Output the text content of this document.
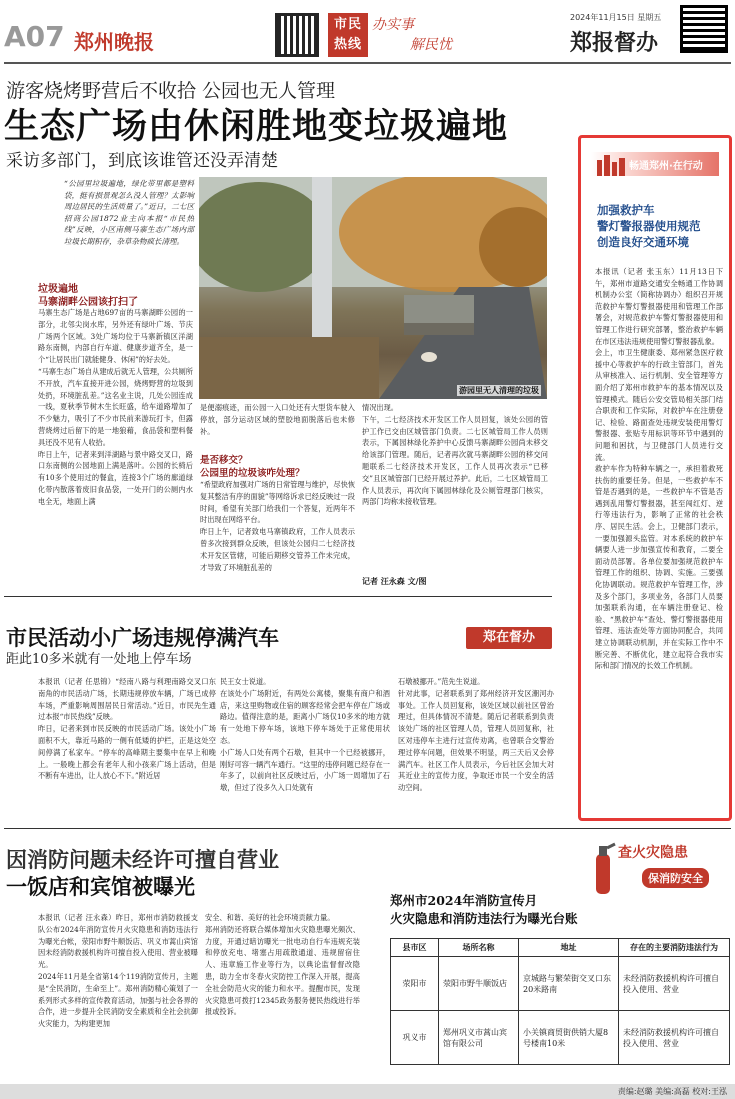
A07 郑州晚报
市民热线
办实事
解民忧
2024年11月15日 星期五
郑报督办
游客烧烤野营后不收拾 公园也无人管理
生态广场由休闲胜地变垃圾遍地
采访多部门，到底该谁管还没弄清楚
“公园里垃圾遍地，绿化带里都是塑料袋，挺有损景观怎么没人管理？太影响周边居民的生活质量了。”近日，二七区招商公园1872业主向本报“市民热线”反映，小区南侧马寨生态广场内部垃圾长期积存，杂草杂物疯长清理。
游园里无人清理的垃圾
垃圾遍地
马寨湖畔公园该打扫了
马寨生态广场是占地697亩的马寨湖畔公园的一部分，北邻尖岗水库，另外还有绿叶广场、节庆广场两个区域。3处广场均位于马寨新镇区洋湖路东南侧，内部自行车道、健康步道齐全，是一个“让居民出门就能健身、休闲”的好去处。
“马寨生态广场自从建成后就无人管理，公共厕所不开放，汽车直接开进公园，烧烤野营的垃圾到处扔，环境脏乱差。”这名业主说，几处公园连成一线，夏秋季节树木生长旺盛，给车道路增加了不少魅力，吸引了不少市民前来游玩打卡，但露营烧烤过后留下的是一地狼藉，食品袋和塑料餐具还没不见有人收拾。
昨日上午，记者来到洋湖路与景中路交叉口，路口东南侧的公园地面上满是落叶。公园的长椅后有10多个使用过的餐盒，连接3个广场的廊道绿化带内散落着废旧食品袋，一处开门的公厕内水电全无，地面上满
是便溺痕迹，而公园一入口处还有大型货车驶入停放，部分运动区域的塑胶地面脱落后也未修补。
是否移交？
公园里的垃圾该咋处理？
“希望政府加强对广场的日常管理与维护，尽快恢复其整洁有序的面貌”等网络诉求已经反映过一段时间，希望有关部门给我们一个答复，近两年不时出现在网络平台。
昨日上午，记者致电马寨镇政府，工作人员表示曾多次接到群众反映，但该处公园归二七经济技术开发区管辖，可能后期移交管养工作未完成，才导致了环境脏乱差的
情况出现。
下午，二七经济技术开发区工作人员回复，该处公园的管护工作已交由区城管部门负责。二七区城管局工作人员则表示，下属园林绿化养护中心反馈马寨湖畔公园尚未移交给该部门管理。随后，记者再次就马寨湖畔公园的移交问题联系二七经济技术开发区，工作人员再次表示“已移交”且区城管部门已经开展过养护。此后，二七区城管局工作人员表示，再次向下属园林绿化及公厕管理部门核实，两部门均称未接收管理。
记者 汪永森 文/图
市民活动小广场违规停满汽车
距此10多米就有一处地上停车场
郑在督办
本报讯（记者 任思锦）“经南八路与利理南路交叉口东南角的市民活动广场，长期违规停放车辆，广场已成停车场，严重影响周围居民日常活动。”近日，市民先生通过本报“市民热线”反映。
昨日，记者来到市民反映的市民活动广场。该处小广场面积不大，靠近马路的一侧有低矮的护栏，正是这处空间停满了私家车。“停车的高峰期主要集中在早上和晚上。一般晚上都会有老年人和小孩来广场上活动，但是不断有车进出，让人放心不下。”附近居
民王女士说道。
在该处小广场附近，有两处公寓楼，聚集有商户和酒店，来这里购物或住宿的顾客经常会把车停在广场或路边。值得注意的是，距离小广场仅10多米的地方就有一处地下停车场，该地下停车场处于正常使用状态。
小广场人口处有两个石墩，但其中一个已经被挪开，刚好可容一辆汽车通行。“这里的违停问题已经存在一年多了，以前向社区反映过后，小广场一周增加了石墩，但过了没多久入口处就有
石墩被挪开。”范先生说道。
针对此事，记者联系到了郑州经济开发区潮河办事处。工作人员回复称，该处区域以前社区曾治理过，但具体情况不清楚。随后记者联系到负责该处广场的社区管理人员，管理人员回复称，社区对违停车主进行过宣传劝离，也曾联合交警治理过停车问题，但效果不明显，两三天后又会停满汽车。社区工作人员表示，今后社区会加大对其近业主的宣传力度，争取还市民一个安全的活动空间。
畅通郑州·在行动
加强救护车
警灯警报器使用规范
创造良好交通环境
本报讯（记者 张玉东）11月13日下午，郑州市道路交通安全畅通工作协调机制办公室（简称协调办）组织召开规范救护车警灯警报器使用和管理工作部署会，对规范救护车警灯警报器使用和管理工作进行研究部署，整治救护车辆在市区违法违规使用警灯警报器乱象。
会上，市卫生健康委、郑州紧急医疗救援中心等救护车的行政主管部门，首先从审核准入、运行机制、安全管理等方面介绍了郑州市救护车的基本情况以及管理模式。随后公安交管局相关部门结合职责和工作实际，对救护车在注册登记、检验、路面查处违规安装使用警灯警报器、张贴专用标识等环节中遇到的问题和困扰，与卫健部门人员进行交流。
救护车作为特种车辆之一，承担着救死扶伤的重要任务。但是，一些救护车不管是否遇到的是，一些救护车不管是否遇到乱用警灯警报器，甚至闯红灯、逆行等违法行为，影响了正常的社会秩序、居民生活。会上，卫健部门表示，一要加强源头监管。对本系统的救护车辆要人进一步加强宣传和教育，二要全面动员部署。各单位要加强规范救护车管理工作的组织、协调、实施。三要强化协调联动。规范救护车管理工作，涉及多个部门，多项业务，各部门人员要加强联系沟通，在车辆注册登记、检验、“黑救护车”查处、警灯警报器使用管理、违法查处等方面协同配合，共同建立协调联动机制，并在实际工作中不断完善、不断优化，建立起符合我市实际和部门情况的长效工作机制。
因消防问题未经许可擅自营业
一饭店和宾馆被曝光
查火灾隐患
保消防安全
本报讯（记者 汪永森）昨日，郑州市消防救援支队公布2024年消防宣传月火灾隐患和消防违法行为曝光台帐，荥阳市野牛顺饭店、巩义市蒿山宾馆因未经消防救援机构许可擅自投入使用、营业被曝光。
2024年11月是全省第14个119消防宣传月，主题是“全民消防，生命至上”。郑州消防精心策划了一系列形式多样的宣传教育活动，加强与社会各界的合作，进一步提升全民消防安全素质和全社会抗御火灾能力，为构建更加
安全、和谐、美好的社会环境贡献力量。
郑州消防还将联合媒体增加火灾隐患曝光频次、力度，开通过暗访曝光一批电动自行车违规充装和停放充电、堵塞占用疏散通道、违规留宿住人、违章施工作业等行为，以典论监督督改隐患，助力全市冬春火灾防控工作深入开展，提高全社会防范火灾的能力和水平。提醒市民，发现火灾隐患可拨打12345政务服务便民热线进行举报或投诉。
郑州市2024年消防宣传月
火灾隐患和消防违法行为曝光台账
县市区	场所名称	地址	存在的主要消防违法行为
荥阳市	荥阳市野牛顺饭店	京城路与繁荣街交叉口东20米路南	未经消防救援机构许可擅自投入使用、营业
巩义市	郑州巩义市蒿山宾馆有限公司	小关镇商贸街供销大厦8号楼南10米	未经消防救援机构许可擅自投入使用、营业
责编:赵璐 美编:高磊 校对:王泓
